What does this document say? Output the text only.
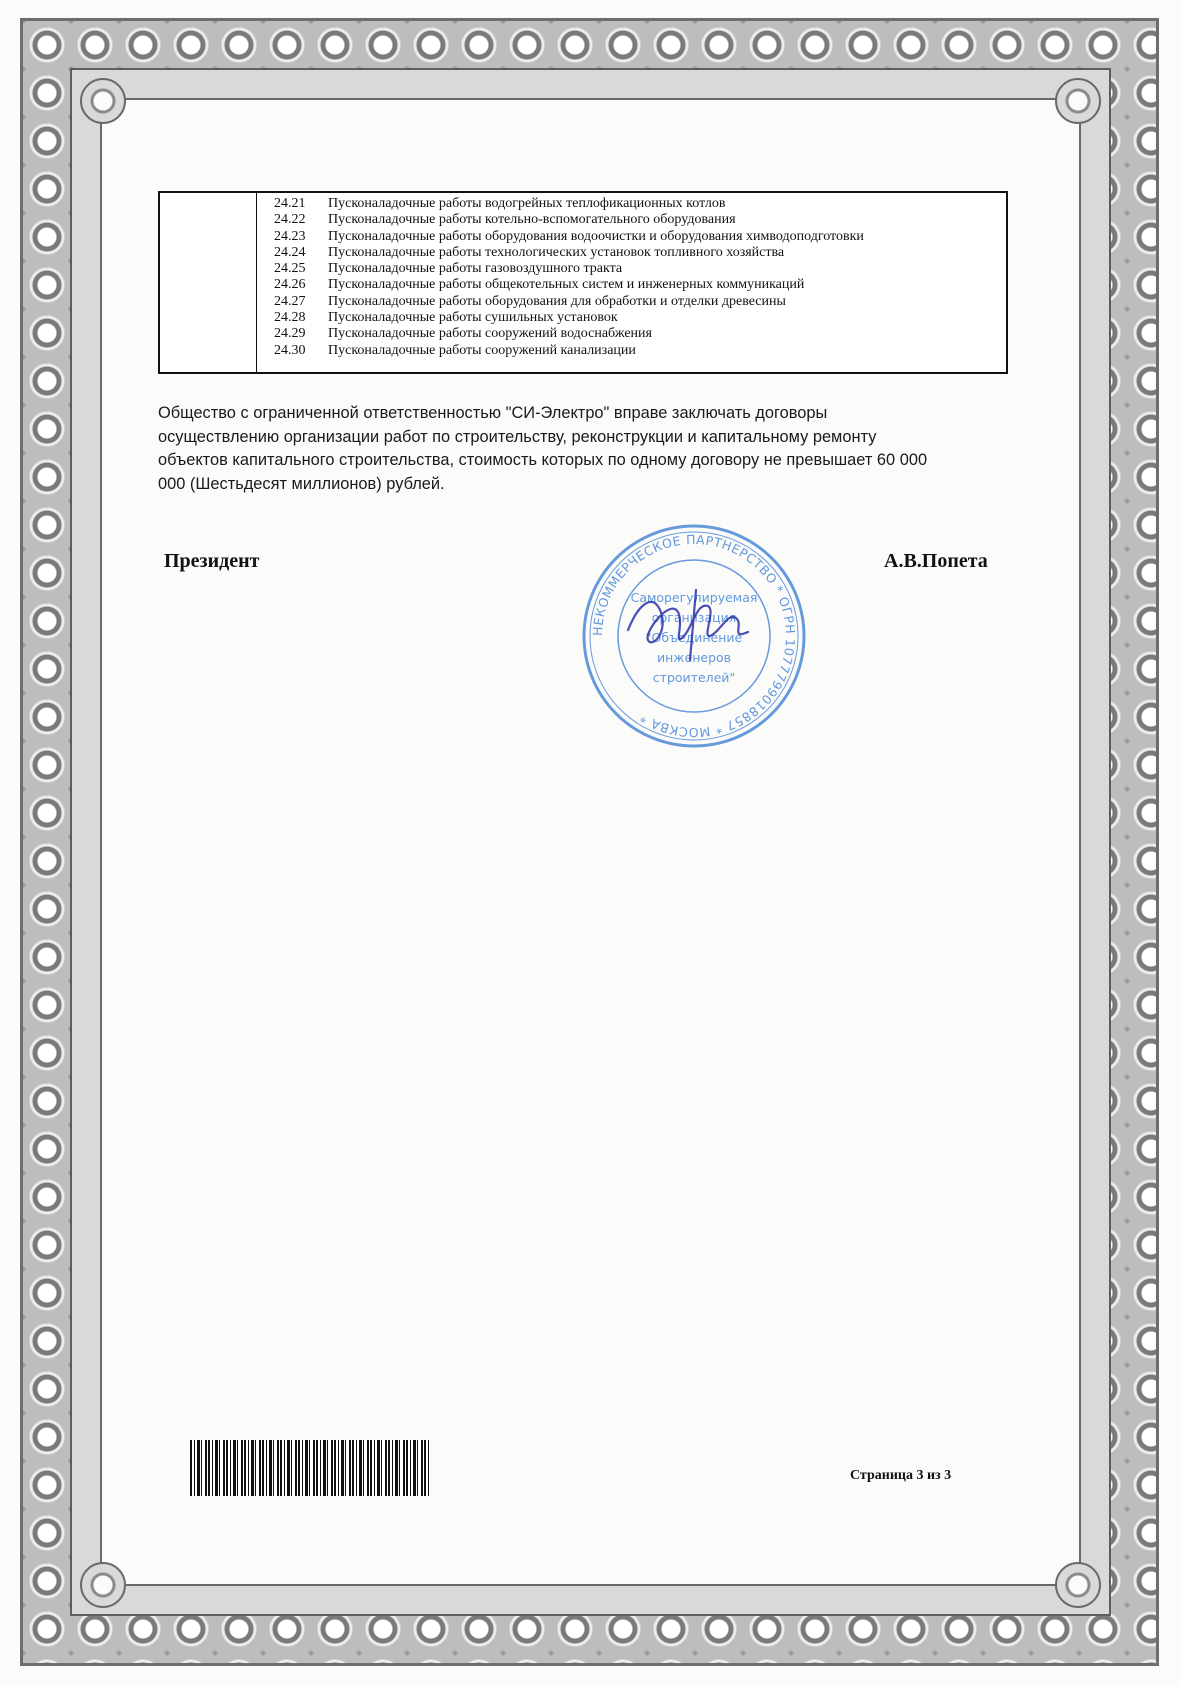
24.21	Пусконаладочные работы водогрейных теплофикационных котлов
24.22	Пусконаладочные работы котельно-вспомогательного оборудования
24.23	Пусконаладочные работы оборудования водоочистки и оборудования химводоподготовки
24.24	Пусконаладочные работы технологических установок топливного хозяйства
24.25	Пусконаладочные работы газовоздушного тракта
24.26	Пусконаладочные работы общекотельных систем и инженерных коммуникаций
24.27	Пусконаладочные работы оборудования для обработки и отделки древесины
24.28	Пусконаладочные работы сушильных установок
24.29	Пусконаладочные работы сооружений водоснабжения
24.30	Пусконаладочные работы сооружений канализации
Общество с ограниченной ответственностью "СИ-Электро" вправе заключать договоры
осуществлению организации работ по строительству, реконструкции и капитальному ремонту
объектов капитального строительства, стоимость которых по одному договору не превышает 60 000
000 (Шестьдесят миллионов) рублей.
Президент	А.В.Попета
НЕКОММЕРЧЕСКОЕ ПАРТНЕРСТВО * ОГРН 1077799018857 * МОСКВА *
Саморегулируемая
организация
"Объединение
инженеров
строителей"
Страница 3 из 3
